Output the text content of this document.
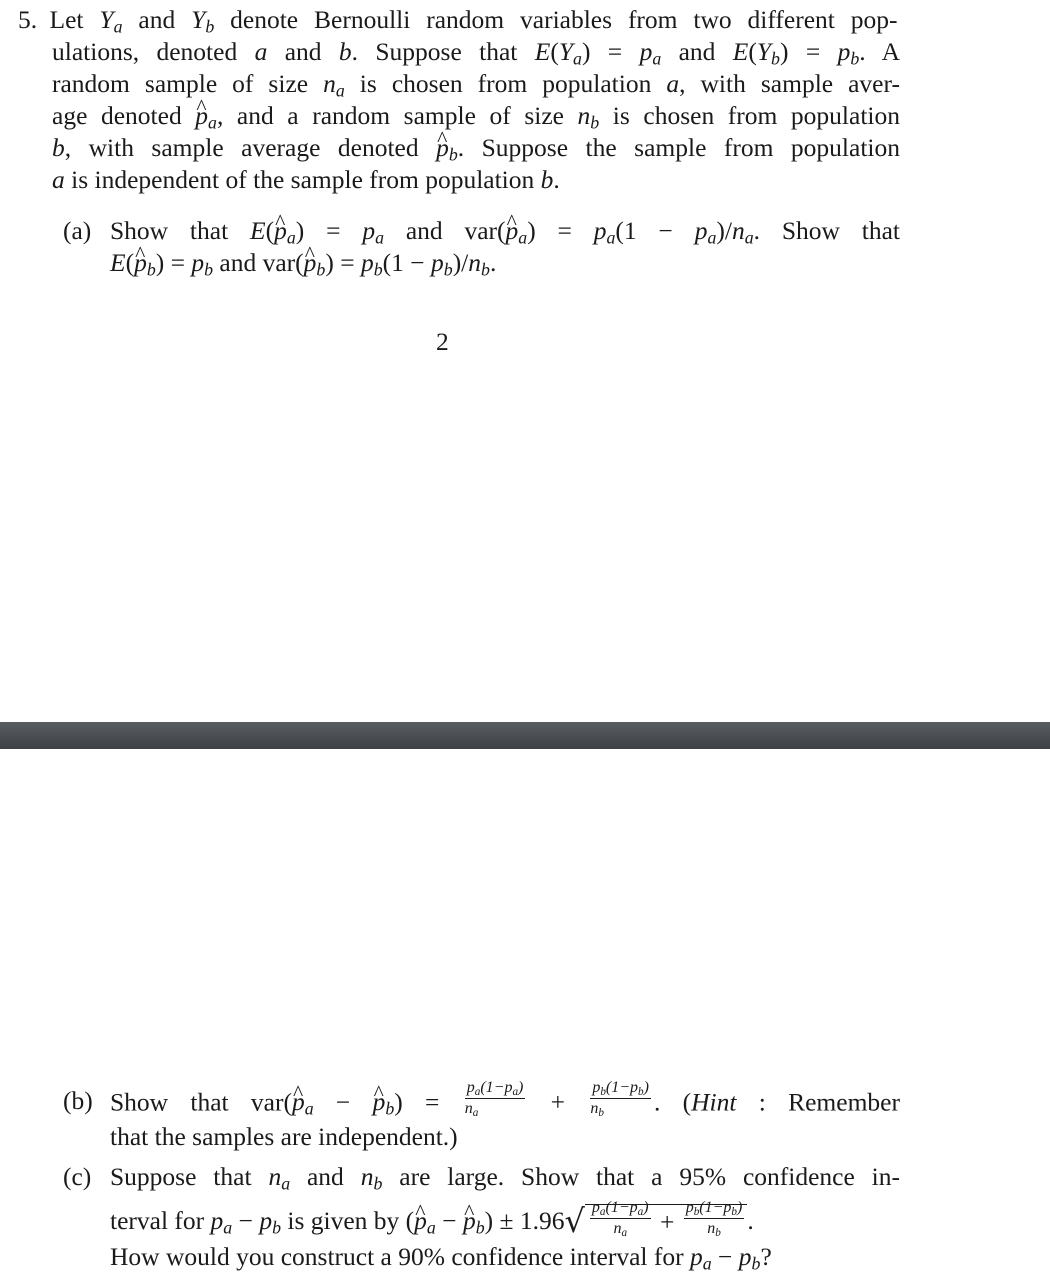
5. Let $Y_a$ and $Y_b$ denote Bernoulli random variables from two different pop-
ulations, denoted a and b. Suppose that $E(Y_a) = p_a$ and $E(Y_b) = p_b$. A
random sample of size $n_a$ is chosen from population a, with sample aver-
age denoted ^ $p_a$, and a random sample of size $n_b$ is chosen from population
b, with sample average denoted ^ $p_b$. Suppose the sample from population
a is independent of the sample from population b.
(a) Show that E(^ $p_a) = p_a$ and var(^ $p_a) = p_a(1 - p_a)/n_a$. Show that
E(^ $p_b) = p_b$ and var(^ $p_b) = p_b(1 - p_b)/n_b$.
2
(b) Show that var(^ $p_a$ − ^ $p_b) = \frac{p_a(1-p_a)}{n_a} + \frac{p_b(1-p_b)}{n_b}$ . (Hint : Remember
that the samples are independent.)
(c) Suppose that $n_a$ and $n_b$ are large. Show that a 95% confidence in-
terval for $p_a - p_b$ is given by (^ $p_a$ − ^ $p_b) \pm 1.96√ \frac{p_a(1-p_a)}{n_a} + \frac{p_b(1-p_b)}{n_b}$ .
How would you construct a 90% confidence interval for $p_a - p_b$?
